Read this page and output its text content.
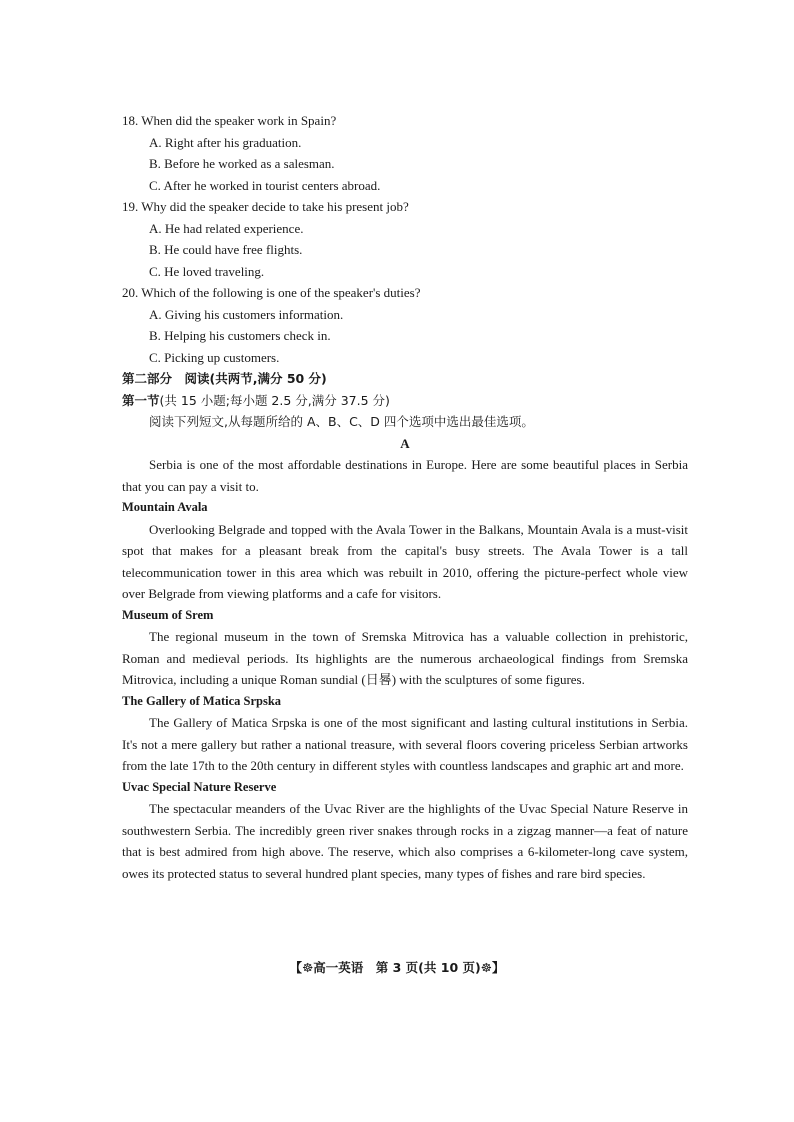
18. When did the speaker work in Spain?

A. Right after his graduation.

B. Before he worked as a salesman.

C. After he worked in tourist centers abroad.

19. Why did the speaker decide to take his present job?

A. He had related experience.

B. He could have free flights.

C. He loved traveling.

20. Which of the following is one of the speaker's duties?

A. Giving his customers information.

B. Helping his customers check in.

C. Picking up customers.

第二部分　阅读(共两节,满分 50 分)

第一节(共 15 小题;每小题 2.5 分,满分 37.5 分)

阅读下列短文,从每题所给的 A、B、C、D 四个选项中选出最佳选项。

A

Serbia is one of the most affordable destinations in Europe. Here are some beautiful places in Serbia that you can pay a visit to.

Mountain Avala

Overlooking Belgrade and topped with the Avala Tower in the Balkans, Mountain Avala is a must-visit spot that makes for a pleasant break from the capital's busy streets. The Avala Tower is a tall telecommunication tower in this area which was rebuilt in 2010, offering the picture-perfect whole view over Belgrade from viewing platforms and a cafe for visitors.

Museum of Srem

The regional museum in the town of Sremska Mitrovica has a valuable collection in prehistoric, Roman and medieval periods. Its highlights are the numerous archaeological findings from Sremska Mitrovica, including a unique Roman sundial (日晷) with the sculptures of some figures.

The Gallery of Matica Srpska

The Gallery of Matica Srpska is one of the most significant and lasting cultural institutions in Serbia. It's not a mere gallery but rather a national treasure, with several floors covering priceless Serbian artworks from the late 17th to the 20th century in different styles with countless landscapes and graphic art and more.

Uvac Special Nature Reserve

The spectacular meanders of the Uvac River are the highlights of the Uvac Special Nature Reserve in southwestern Serbia. The incredibly green river snakes through rocks in a zigzag manner—a feat of nature that is best admired from high above. The reserve, which also comprises a 6-kilometer-long cave system, owes its protected status to several hundred plant species, many types of fishes and rare bird species.

【☸高一英语　第 3 页(共 10 页)☸】
